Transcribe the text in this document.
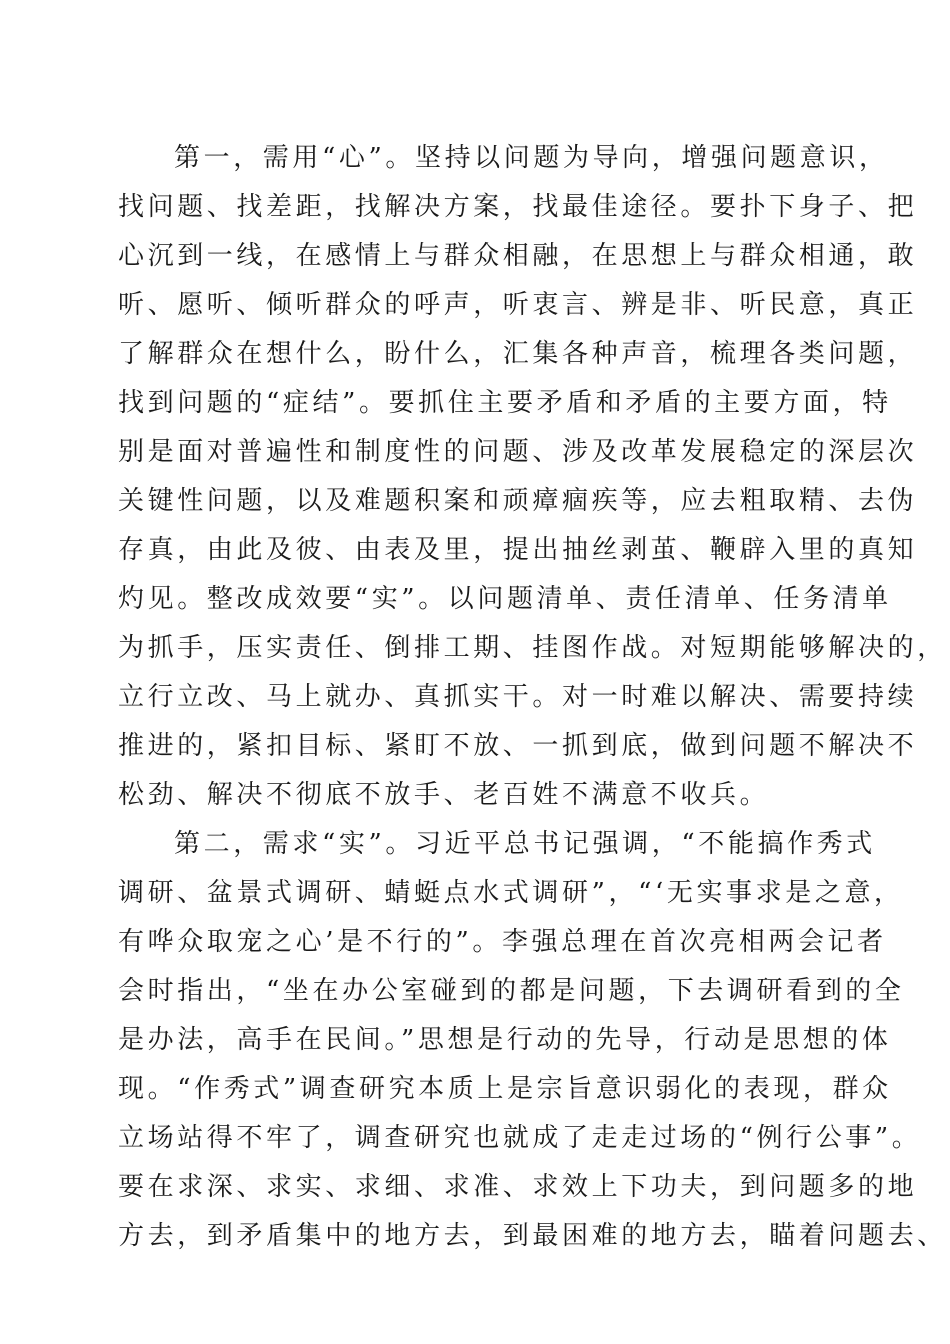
第一，需用“心”。坚持以问题为导向，增强问题意识，
找问题、找差距，找解决方案，找最佳途径。要扑下身子、把
心沉到一线，在感情上与群众相融，在思想上与群众相通，敢
听、愿听、倾听群众的呼声，听衷言、辨是非、听民意，真正
了解群众在想什么，盼什么，汇集各种声音，梳理各类问题，
找到问题的“症结”。要抓住主要矛盾和矛盾的主要方面，特
别是面对普遍性和制度性的问题、涉及改革发展稳定的深层次
关键性问题，以及难题积案和顽瘴痼疾等，应去粗取精、去伪
存真，由此及彼、由表及里，提出抽丝剥茧、鞭辟入里的真知
灼见。整改成效要“实”。以问题清单、责任清单、任务清单
为抓手，压实责任、倒排工期、挂图作战。对短期能够解决的，
立行立改、马上就办、真抓实干。对一时难以解决、需要持续
推进的，紧扣目标、紧盯不放、一抓到底，做到问题不解决不
松劲、解决不彻底不放手、老百姓不满意不收兵。
第二，需求“实”。习近平总书记强调，“不能搞作秀式
调研、盆景式调研、蜻蜓点水式调研”，“‘无实事求是之意，
有哗众取宠之心’是不行的”。李强总理在首次亮相两会记者
会时指出，“坐在办公室碰到的都是问题，下去调研看到的全
是办法，高手在民间。”思想是行动的先导，行动是思想的体
现。“作秀式”调查研究本质上是宗旨意识弱化的表现，群众
立场站得不牢了，调查研究也就成了走走过场的“例行公事”。
要在求深、求实、求细、求准、求效上下功夫，到问题多的地
方去，到矛盾集中的地方去，到最困难的地方去，瞄着问题去、
